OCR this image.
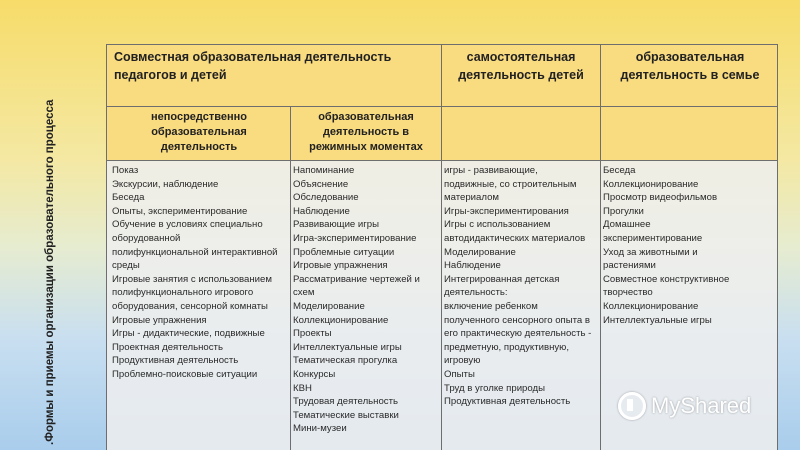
.Формы и приемы организации образовательного процесса
Совместная образовательная деятельность педагогов и детей
самостоятельная деятельность детей
образовательная деятельность в семье
непосредственно образовательная деятельность
образовательная деятельность в режимных моментах
Показ
Экскурсии, наблюдение
Беседа
Опыты, экспериментирование
Обучение в условиях специально
оборудованной
полифункциональной интерактивной
среды
Игровые занятия с использованием
полифункционального игрового
оборудования, сенсорной комнаты
Игровые упражнения
Игры - дидактические, подвижные
Проектная деятельность
Продуктивная деятельность
Проблемно-поисковые ситуации
Напоминание
Объяснение
Обследование
Наблюдение
Развивающие игры
Игра-экспериментирование
Проблемные ситуации
Игровые упражнения
Рассматривание чертежей и
схем
Моделирование
Коллекционирование
Проекты
Интеллектуальные игры
Тематическая прогулка
Конкурсы
КВН
Трудовая деятельность
Тематические выставки
Мини-музеи
игры - развивающие,
подвижные, со строительным
материалом
Игры-экспериментирования
Игры с использованием
автодидактических материалов
Моделирование
Наблюдение
Интегрированная детская
деятельность:
включение ребенком
полученного сенсорного опыта в
его практическую деятельность -
предметную, продуктивную,
игровую
Опыты
Труд в уголке природы
Продуктивная деятельность
Беседа
Коллекционирование
Просмотр видеофильмов
Прогулки
Домашнее
экспериментирование
Уход за животными и
растениями
Совместное конструктивное
творчество
Коллекционирование
Интеллектуальные игры
MyShared
